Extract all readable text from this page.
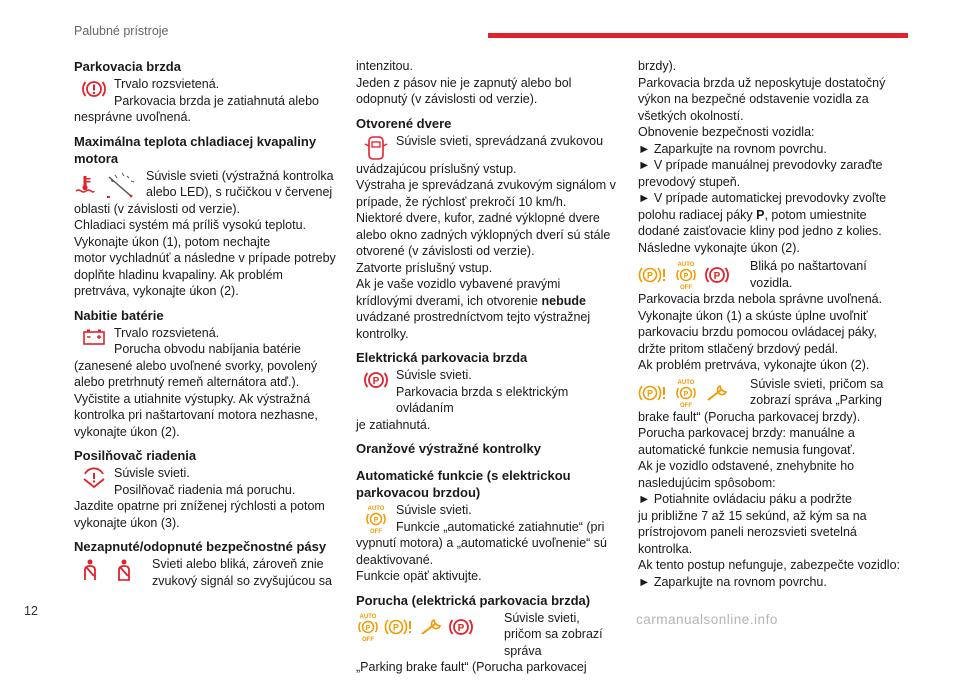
Palubné prístroje
Parkovacia brzda
Trvalo rozsvietená.
Parkovacia brzda je zatiahnutá alebo

nesprávne uvoľnená.

Maximálna teplota chladiacej kvapaliny motora
Súvisle svieti (výstražná kontrolka alebo LED), s ručičkou v červenej

oblasti (v závislosti od verzie).
Chladiaci systém má príliš vysokú teplotu.
Vykonajte úkon (1), potom nechajte
motor vychladnúť a následne v prípade potreby doplňte hladinu kvapaliny. Ak problém pretrváva, vykonajte úkon (2).

Nabitie batérie
Trvalo rozsvietená.
Porucha obvodu nabíjania batérie

(zanesené alebo uvoľnené svorky, povolený alebo pretrhnutý remeň alternátora atď.).
Vyčistite a utiahnite výstupky. Ak výstražná kontrolka pri naštartovaní motora nezhasne, vykonajte úkon (2).

Posilňovač riadenia
Súvisle svieti.
Posilňovač riadenia má poruchu.

Jazdite opatrne pri zníženej rýchlosti a potom vykonajte úkon (3).

Nezapnuté/odopnuté bezpečnostné pásy
Svieti alebo bliká, zároveň znie zvukový signál so zvyšujúcou sa

intenzitou.
Jeden z pásov nie je zapnutý alebo bol odopnutý (v závislosti od verzie).

Otvorené dvere
Súvisle svieti, sprevádzaná zvukovou

uvádzajúcou príslušný vstup.
Výstraha je sprevádzaná zvukovým signálom v prípade, že rýchlosť prekročí 10 km/h.
Niektoré dvere, kufor, zadné výklopné dvere alebo okno zadných výklopných dverí sú stále otvorené (v závislosti od verzie).
Zatvorte príslušný vstup.

Ak je vaše vozidlo vybavené pravými krídlovými dverami, ich otvorenie nebude uvádzané prostredníctvom tejto výstražnej kontrolky.

Elektrická parkovacia brzda
P Súvisle svieti.
Parkovacia brzda s elektrickým ovládaním

je zatiahnutá.

Oranžové výstražné kontrolky
Automatické funkcie (s elektrickou parkovacou brzdou)
AUTO
P
OFF
Súvisle svieti.
Funkcie „automatické zatiahnutie“ (pri

vypnutí motora) a „automatické uvoľnenie“ sú deaktivované.
Funkcie opäť aktivujte.

Porucha (elektrická parkovacia brzda)
AUTO
P
OFF
P	P
Súvisle svieti, pričom sa zobrazí správa

„Parking brake fault“ (Porucha parkovacej

brzdy).
Parkovacia brzda už neposkytuje dostatočný výkon na bezpečné odstavenie vozidla za všetkých okolností.
Obnovenie bezpečnosti vozidla:
► Zaparkujte na rovnom povrchu.
► V prípade manuálnej prevodovky zaraďte prevodový stupeň.

► V prípade automatickej prevodovky zvoľte polohu radiacej páky P, potom umiestnite dodané zaisťovacie kliny pod jedno z kolies.
Následne vykonajte úkon (2).

P
AUTO
P
OFF
P
Bliká po naštartovaní vozidla.

Parkovacia brzda nebola správne uvoľnená.
Vykonajte úkon (1) a skúste úplne uvoľniť parkovaciu brzdu pomocou ovládacej páky, držte pritom stlačený brzdový pedál.
Ak problém pretrváva, vykonajte úkon (2).

P
AUTO
P
OFF
Súvisle svieti, pričom sa zobrazí správa „Parking

brake fault“ (Porucha parkovacej brzdy).
Porucha parkovacej brzdy: manuálne a automatické funkcie nemusia fungovať.
Ak je vozidlo odstavené, znehybnite ho nasledujúcim spôsobom:
► Potiahnite ovládaciu páku a podržte
ju približne 7 až 15 sekúnd, až kým sa na prístrojovom paneli nerozsvieti svetelná kontrolka.
Ak tento postup nefunguje, zabezpečte vozidlo:
► Zaparkujte na rovnom povrchu.

12
carmanualsonline.info
